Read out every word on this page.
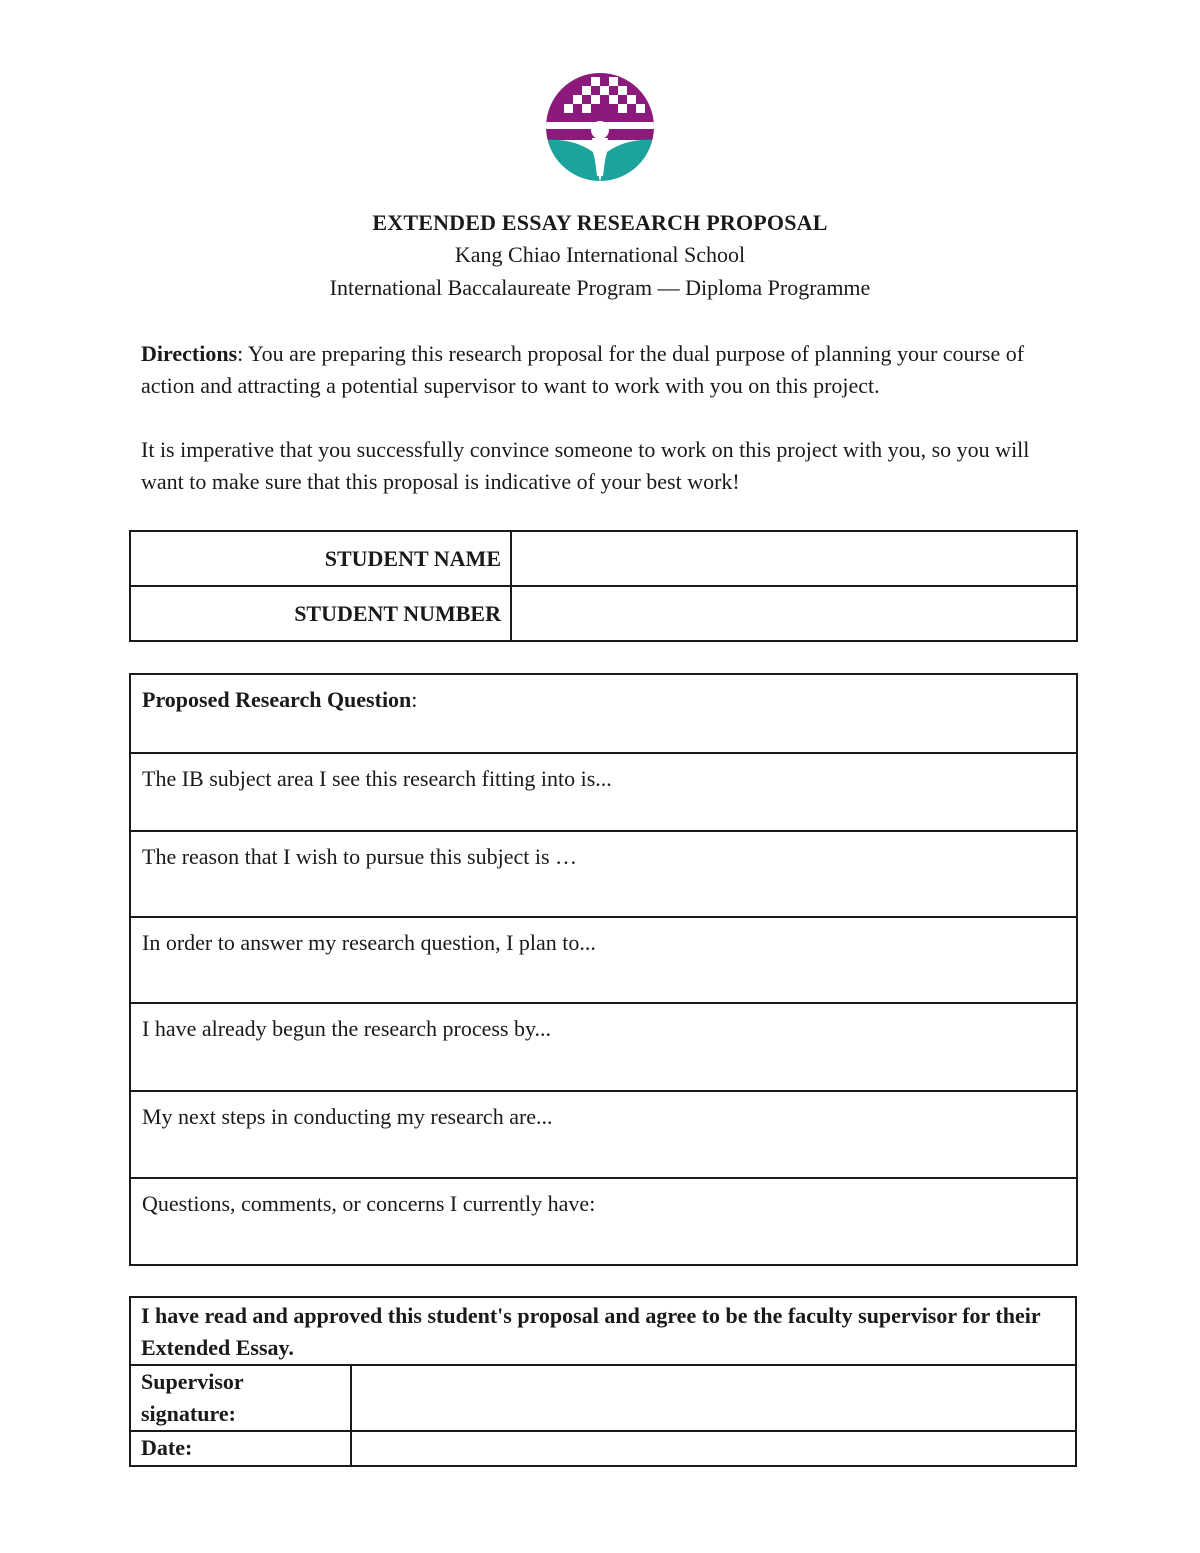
EXTENDED ESSAY RESEARCH PROPOSAL
Kang Chiao International School
International Baccalaureate Program — Diploma Programme

Directions: You are preparing this research proposal for the dual purpose of planning your course of action and attracting a potential supervisor to want to work with you on this project.

It is imperative that you successfully convince someone to work on this project with you, so you will want to make sure that this proposal is indicative of your best work!

STUDENT NAME	
STUDENT NUMBER	
Proposed Research Question:
The IB subject area I see this research fitting into is...
The reason that I wish to pursue this subject is …
In order to answer my research question, I plan to...
I have already begun the research process by...
My next steps in conducting my research are...
Questions, comments, or concerns I currently have:
I have read and approved this student's proposal and agree to be the faculty supervisor for their Extended Essay.	
Supervisor signature:	
Date:	
